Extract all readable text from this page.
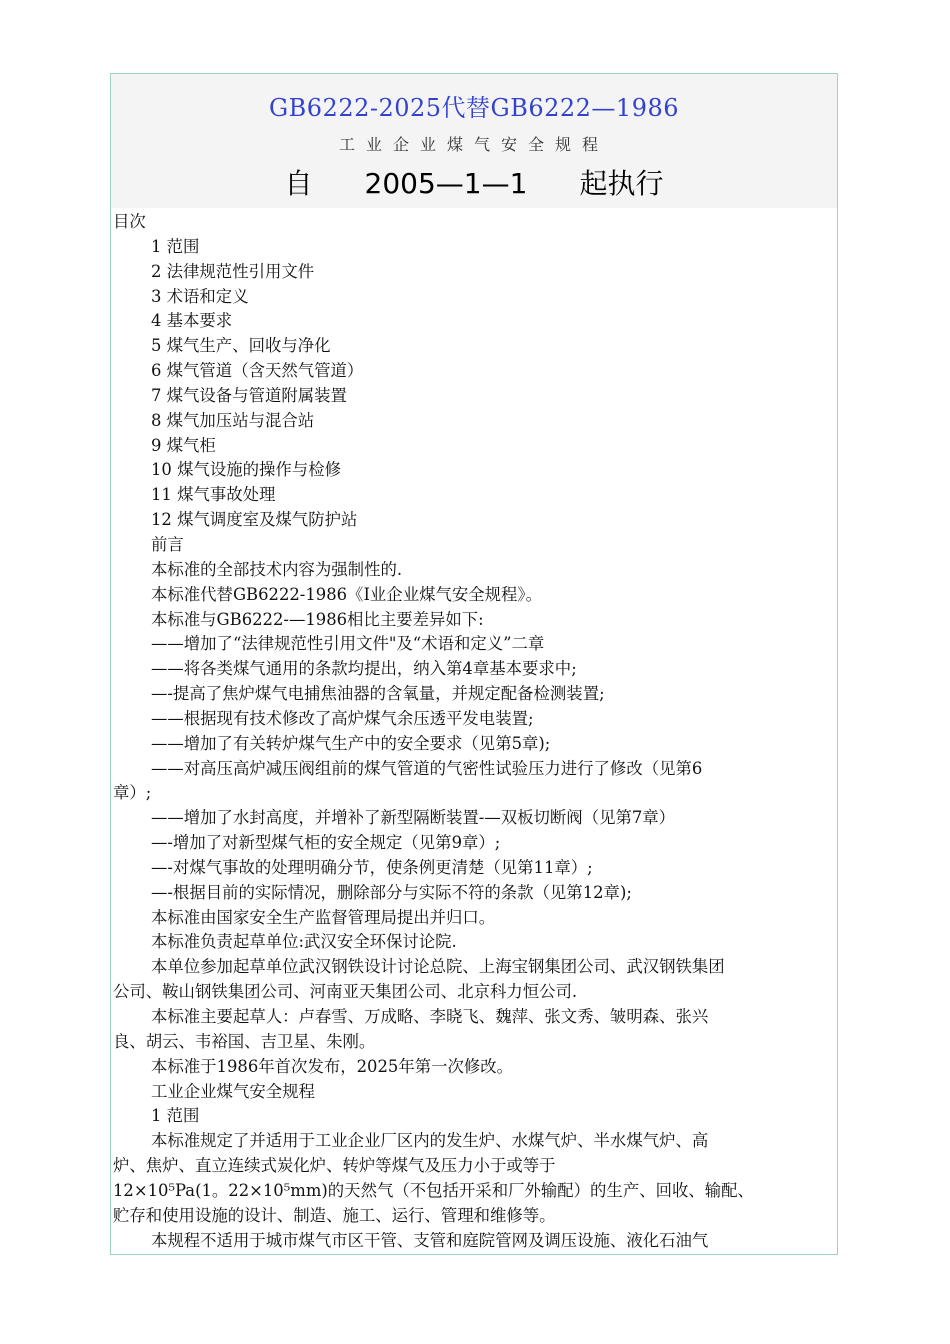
GB6222-2025代替GB6222—1986
工业企业煤气安全规程
自 2005—1—1 起执行
目次
1 范围
2 法律规范性引用文件
3 术语和定义
4 基本要求
5 煤气生产、回收与净化
6 煤气管道（含天然气管道）
7 煤气设备与管道附属装置
8 煤气加压站与混合站
9 煤气柜
10 煤气设施的操作与检修
11 煤气事故处理
12 煤气调度室及煤气防护站
前言
本标准的全部技术内容为强制性的.
本标准代替GB6222-1986《I业企业煤气安全规程》。
本标准与GB6222-—1986相比主要差异如下:
——增加了“法律规范性引用文件"及“术语和定义”二章
——将各类煤气通用的条款均提出，纳入第4章基本要求中;
—-提高了焦炉煤气电捕焦油器的含氧量，并规定配备检测装置;
——根据现有技术修改了高炉煤气余压透平发电装置;
——增加了有关转炉煤气生产中的安全要求（见第5章);
——对高压高炉减压阀组前的煤气管道的气密性试验压力进行了修改（见第6
章）;
——增加了水封高度，并增补了新型隔断装置-—双板切断阀（见第7章）
—-增加了对新型煤气柜的安全规定（见第9章）;
—-对煤气事故的处理明确分节，使条例更清楚（见第11章）;
—-根据目前的实际情况，删除部分与实际不符的条款（见第12章);
本标准由国家安全生产监督管理局提出并归口。
本标准负责起草单位:武汉安全环保讨论院.
本单位参加起草单位武汉钢铁设计讨论总院、上海宝钢集团公司、武汉钢铁集团
公司、鞍山钢铁集团公司、河南亚天集团公司、北京科力恒公司.
本标准主要起草人：卢春雪、万成略、李晓飞、魏萍、张文秀、皱明森、张兴
良、胡云、韦裕国、吉卫星、朱刚。
本标准于1986年首次发布，2025年第一次修改。
工业企业煤气安全规程
1 范围
本标准规定了并适用于工业企业厂区内的发生炉、水煤气炉、半水煤气炉、高
炉、焦炉、直立连续式炭化炉、转炉等煤气及压力小于或等于
12×10⁵Pa(1。22×10⁵mm)的天然气（不包括开采和厂外输配）的生产、回收、输配、
贮存和使用设施的设计、制造、施工、运行、管理和维修等。
本规程不适用于城市煤气市区干管、支管和庭院管网及调压设施、液化石油气
